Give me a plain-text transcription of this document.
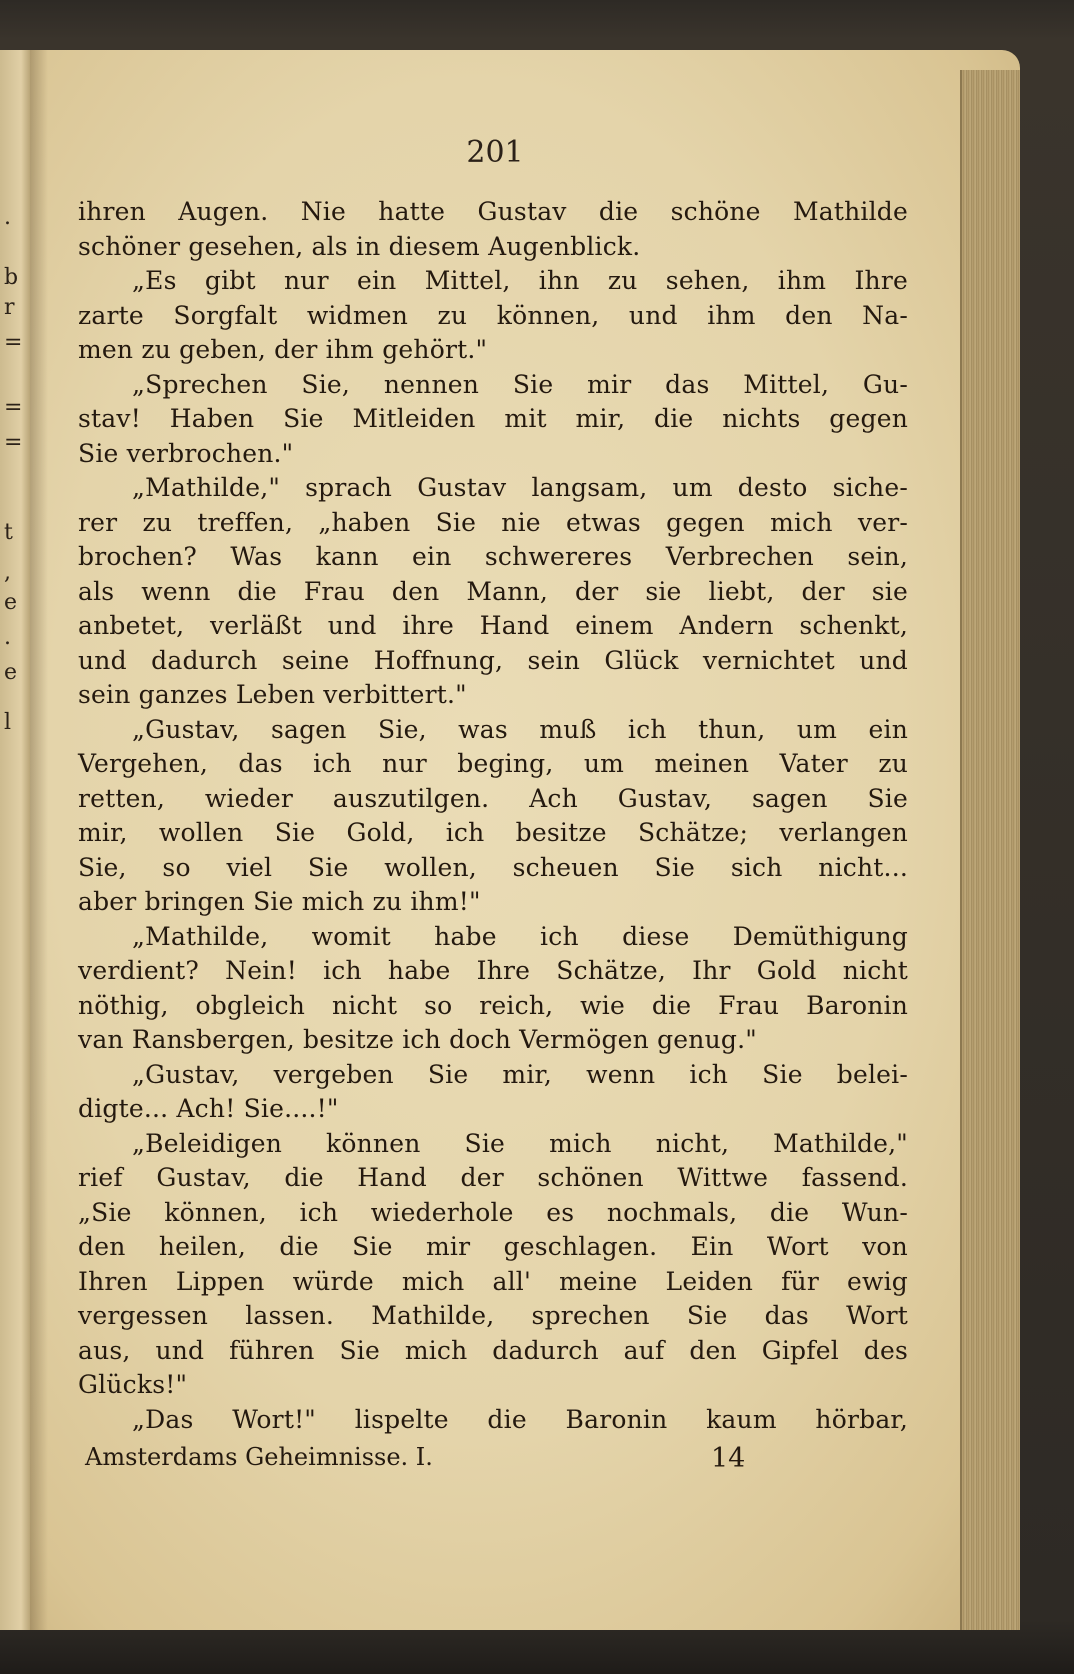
.
b
r
=
=
=
t
,
e
.
e
l
201
ihren Augen. Nie hatte Gustav die schöne Mathilde
schöner gesehen, als in diesem Augenblick.
„Es gibt nur ein Mittel, ihn zu sehen, ihm Ihre
zarte Sorgfalt widmen zu können, und ihm den Na-
men zu geben, der ihm gehört."
„Sprechen Sie, nennen Sie mir das Mittel, Gu-
stav! Haben Sie Mitleiden mit mir, die nichts gegen
Sie verbrochen."
„Mathilde," sprach Gustav langsam, um desto siche-
rer zu treffen, „haben Sie nie etwas gegen mich ver-
brochen? Was kann ein schwereres Verbrechen sein,
als wenn die Frau den Mann, der sie liebt, der sie
anbetet, verläßt und ihre Hand einem Andern schenkt,
und dadurch seine Hoffnung, sein Glück vernichtet und
sein ganzes Leben verbittert."
„Gustav, sagen Sie, was muß ich thun, um ein
Vergehen, das ich nur beging, um meinen Vater zu
retten, wieder auszutilgen. Ach Gustav, sagen Sie
mir, wollen Sie Gold, ich besitze Schätze; verlangen
Sie, so viel Sie wollen, scheuen Sie sich nicht...
aber bringen Sie mich zu ihm!"
„Mathilde, womit habe ich diese Demüthigung
verdient? Nein! ich habe Ihre Schätze, Ihr Gold nicht
nöthig, obgleich nicht so reich, wie die Frau Baronin
van Ransbergen, besitze ich doch Vermögen genug."
„Gustav, vergeben Sie mir, wenn ich Sie belei-
digte... Ach! Sie....!"
„Beleidigen können Sie mich nicht, Mathilde,"
rief Gustav, die Hand der schönen Wittwe fassend.
„Sie können, ich wiederhole es nochmals, die Wun-
den heilen, die Sie mir geschlagen. Ein Wort von
Ihren Lippen würde mich all' meine Leiden für ewig
vergessen lassen. Mathilde, sprechen Sie das Wort
aus, und führen Sie mich dadurch auf den Gipfel des
Glücks!"
„Das Wort!" lispelte die Baronin kaum hörbar,
Amsterdams Geheimnisse. I.	14
